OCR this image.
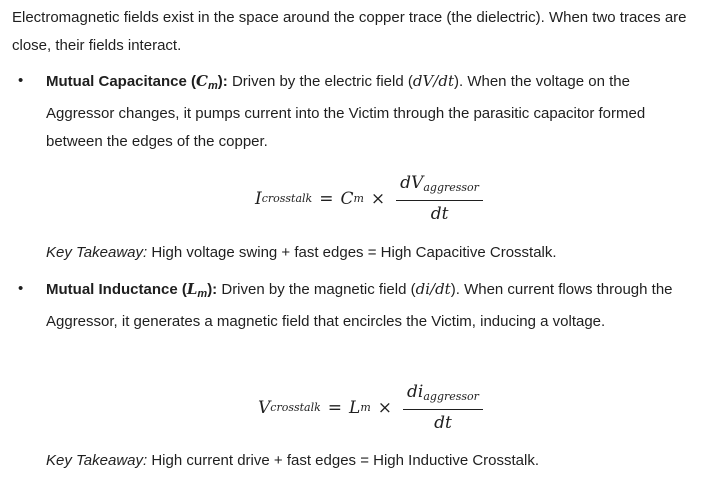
Electromagnetic fields exist in the space around the copper trace (the dielectric). When two traces are close, their fields interact.

•	Mutual Capacitance $(C_m)$: Driven by the electric field (dV/dt). When the voltage on the Aggressor changes, it pumps current into the Victim through the parasitic capacitor formed between the edges of the copper.
I crosstalk = C $m \times \frac{dV_{aggressor}}{dt}$

Key Takeaway: High voltage swing + fast edges = High Capacitive Crosstalk.

•	Mutual Inductance $(L_m)$: Driven by the magnetic field (di/dt). When current flows through the Aggressor, it generates a magnetic field that encircles the Victim, inducing a voltage.
V crosstalk = L $m \times \frac{di_{aggressor}}{dt}$

Key Takeaway: High current drive + fast edges = High Inductive Crosstalk.
